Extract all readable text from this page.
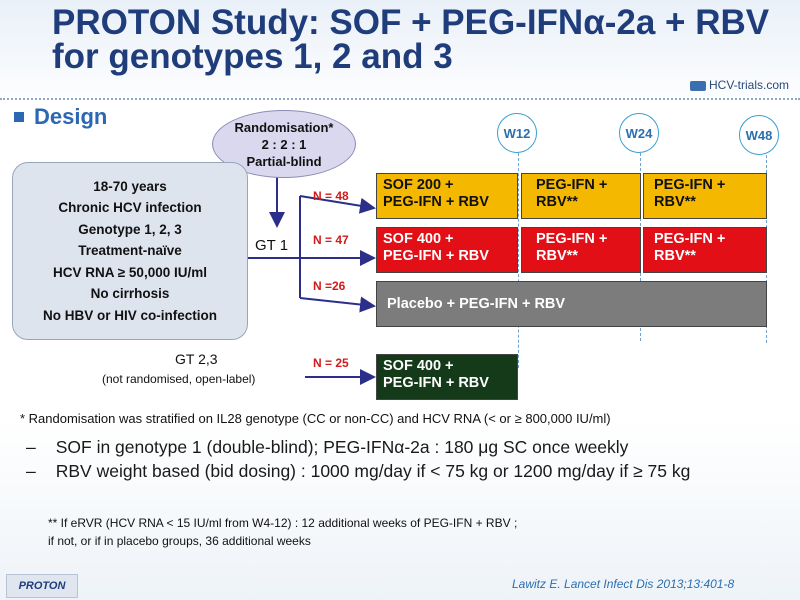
PROTON Study: SOF + PEG-IFNα-2a + RBV
for genotypes 1, 2 and 3
HCV-trials.com
Design	Randomisation*
2 : 2 : 1
Partial-blind
18-70 years
Chronic HCV infection
Genotype 1, 2, 3
Treatment-naïve
HCV RNA ≥ 50,000 IU/ml
No cirrhosis
No HBV or HIV co-infection
W12	W24	W48
N = 48
N = 47
N =26
N = 25
GT 1
SOF 200 +
PEG-IFN + RBV
PEG-IFN +
RBV**
PEG-IFN +
RBV**
SOF 400 +
PEG-IFN + RBV
PEG-IFN +
RBV**
PEG-IFN +
RBV**
Placebo + PEG-IFN + RBV
GT 2,3
(not randomised, open-label)
SOF 400 +
PEG-IFN + RBV
* Randomisation was stratified on IL28 genotype (CC or non-CC) and HCV RNA (< or ≥ 800,000 IU/ml)
– SOF in genotype 1 (double-blind); PEG-IFNα-2a : 180 μg SC once weekly
– RBV weight based (bid dosing) : 1000 mg/day if < 75 kg or 1200 mg/day if ≥ 75 kg
** If eRVR (HCV RNA < 15 IU/ml from W4-12) : 12 additional weeks of PEG-IFN + RBV ;
if not, or if in placebo groups, 36 additional weeks
PROTON	Lawitz E. Lancet Infect Dis 2013;13:401-8
